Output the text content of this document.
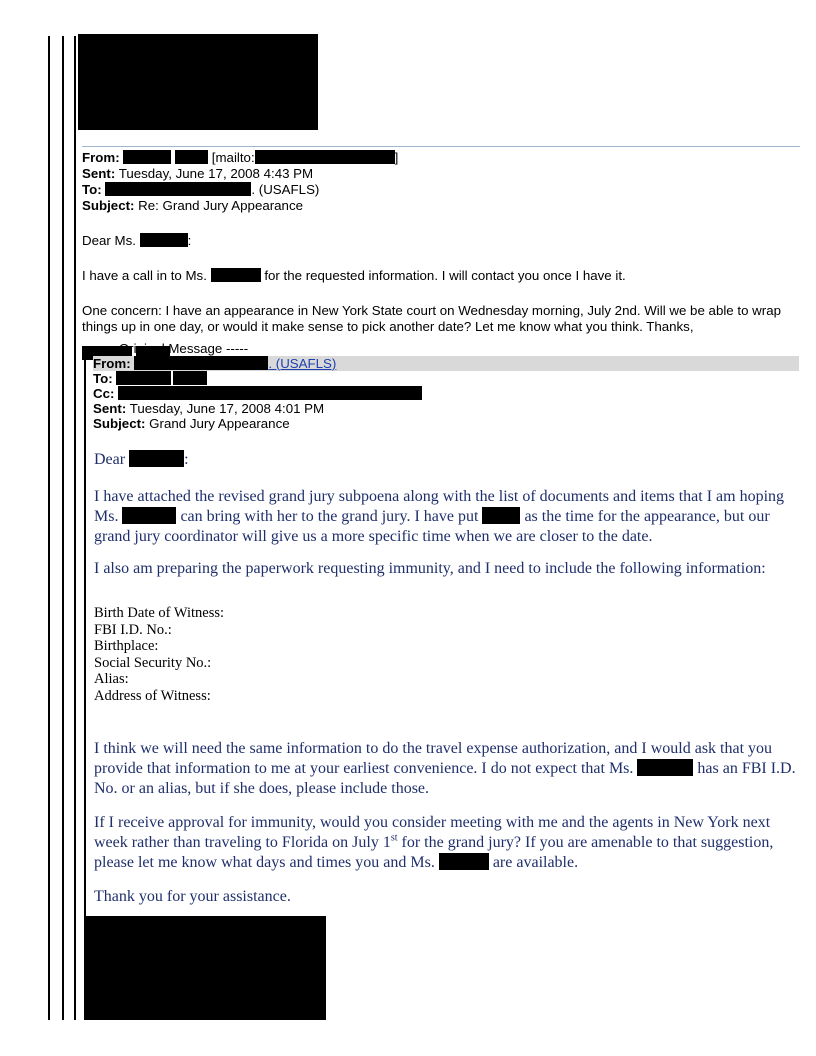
From:	[mailto:	]
Sent: Tuesday, June 17, 2008 4:43 PM
To:	. (USAFLS)
Subject: Re: Grand Jury Appearance
Dear Ms.	:
I have a call in to Ms.	for the requested information. I will contact you once I have it.
One concern: I have an appearance in New York State court on Wednesday morning, July 2nd. Will we be able to wrap things up in one day, or would it make sense to pick another date? Let me know what you think. Thanks,
----- Original Message -----
From:	. (USAFLS)
To:
Cc:
Sent: Tuesday, June 17, 2008 4:01 PM
Subject: Grand Jury Appearance
Dear	:
I have attached the revised grand jury subpoena along with the list of documents and items that I am hoping Ms.	can bring with her to the grand jury. I have put	as the time for the appearance, but our grand jury coordinator will give us a more specific time when we are closer to the date.
I also am preparing the paperwork requesting immunity, and I need to include the following information:
Birth Date of Witness:
FBI I.D. No.:
Birthplace:
Social Security No.:
Alias:
Address of Witness:
I think we will need the same information to do the travel expense authorization, and I would ask that you provide that information to me at your earliest convenience. I do not expect that Ms.	has an FBI I.D. No. or an alias, but if she does, please include those.
If I receive approval for immunity, would you consider meeting with me and the agents in New York next week rather than traveling to Florida on July 1st for the grand jury? If you are amenable to that suggestion, please let me know what days and times you and Ms.	are available.
Thank you for your assistance.
